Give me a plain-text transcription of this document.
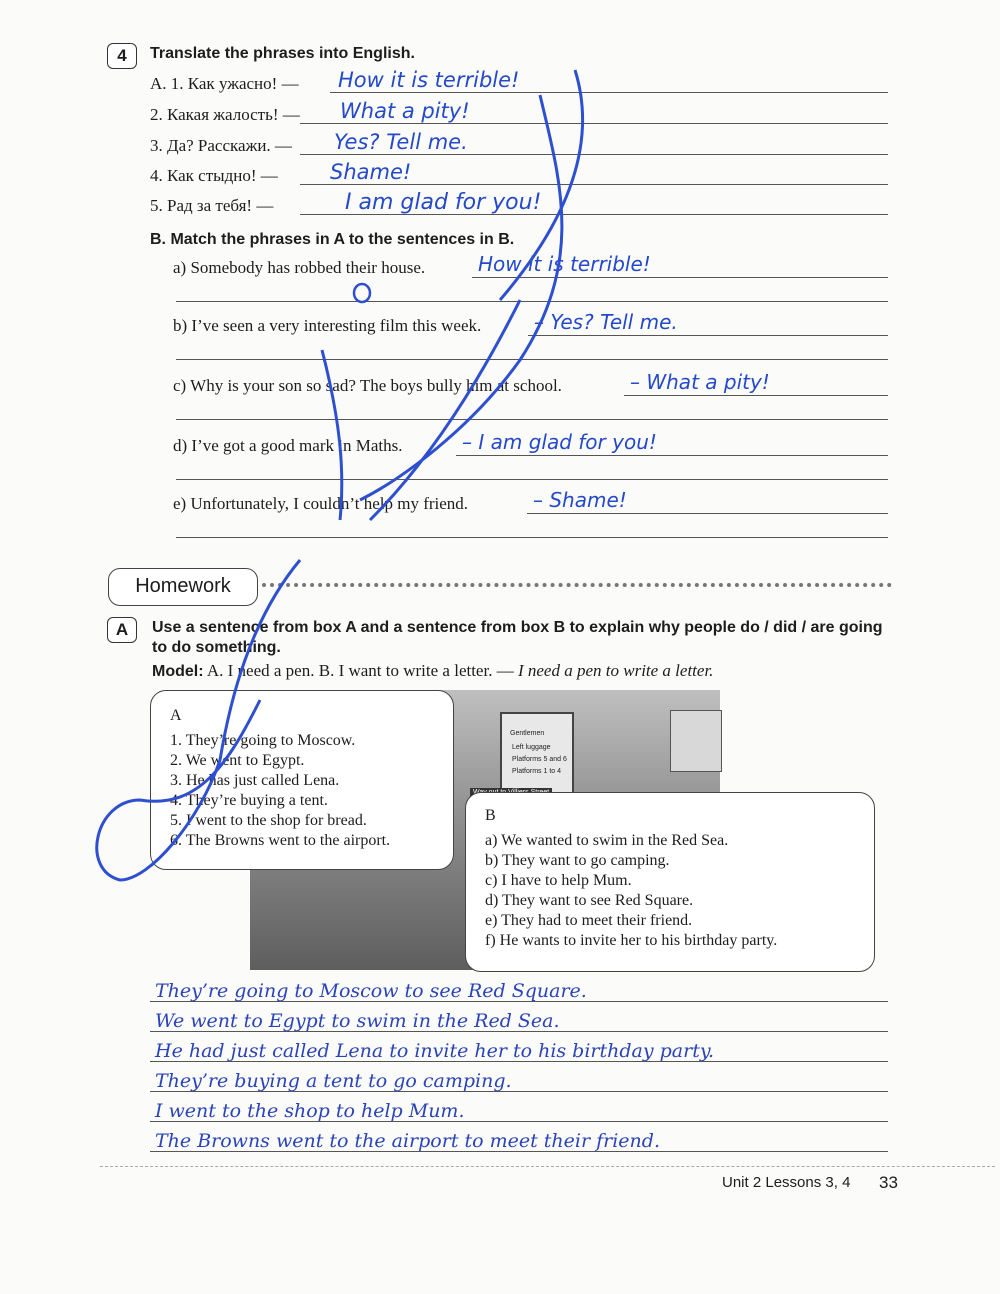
4	Translate the phrases into English.
A. 1. Как ужасно! — How it is terrible!
2. Какая жалость! — What a pity!
3. Да? Расскажи. — Yes? Tell me.
4. Как стыдно! — Shame!
5. Рад за тебя! —	I am glad for you!
B. Match the phrases in A to the sentences in B.
a) Somebody has robbed their house.	How it is terrible!
b) I’ve seen a very interesting film this week.	– Yes? Tell me.
c) Why is your son so sad? The boys bully him at school.	– What a pity!
d) I’ve got a good mark in Maths.	– I am glad for you!
e) Unfortunately, I couldn’t help my friend.	– Shame!
Homework
A	Use a sentence from box A and a sentence from box B to explain why people do / did / are going
to do something.
Model: A. I need a pen. B. I want to write a letter. — I need a pen to write a letter.
Gentlemen
Left luggage
Platforms 5 and 6
Platforms 1 to 4
A
1. They’re going to Moscow.
2. We went to Egypt.
3. He has just called Lena.
4. They’re buying a tent.
5. I went to the shop for bread.
6. The Browns went to the airport.
B
a) We wanted to swim in the Red Sea.
b) They want to go camping.
c) I have to help Mum.
d) They want to see Red Square.
e) They had to meet their friend.
f) He wants to invite her to his birthday party.
They’re going to Moscow to see Red Square.
We went to Egypt to swim in the Red Sea.
He had just called Lena to invite her to his birthday party.
They’re buying a tent to go camping.
I went to the shop to help Mum.
The Browns went to the airport to meet their friend.
Unit 2 Lessons 3, 4 33
